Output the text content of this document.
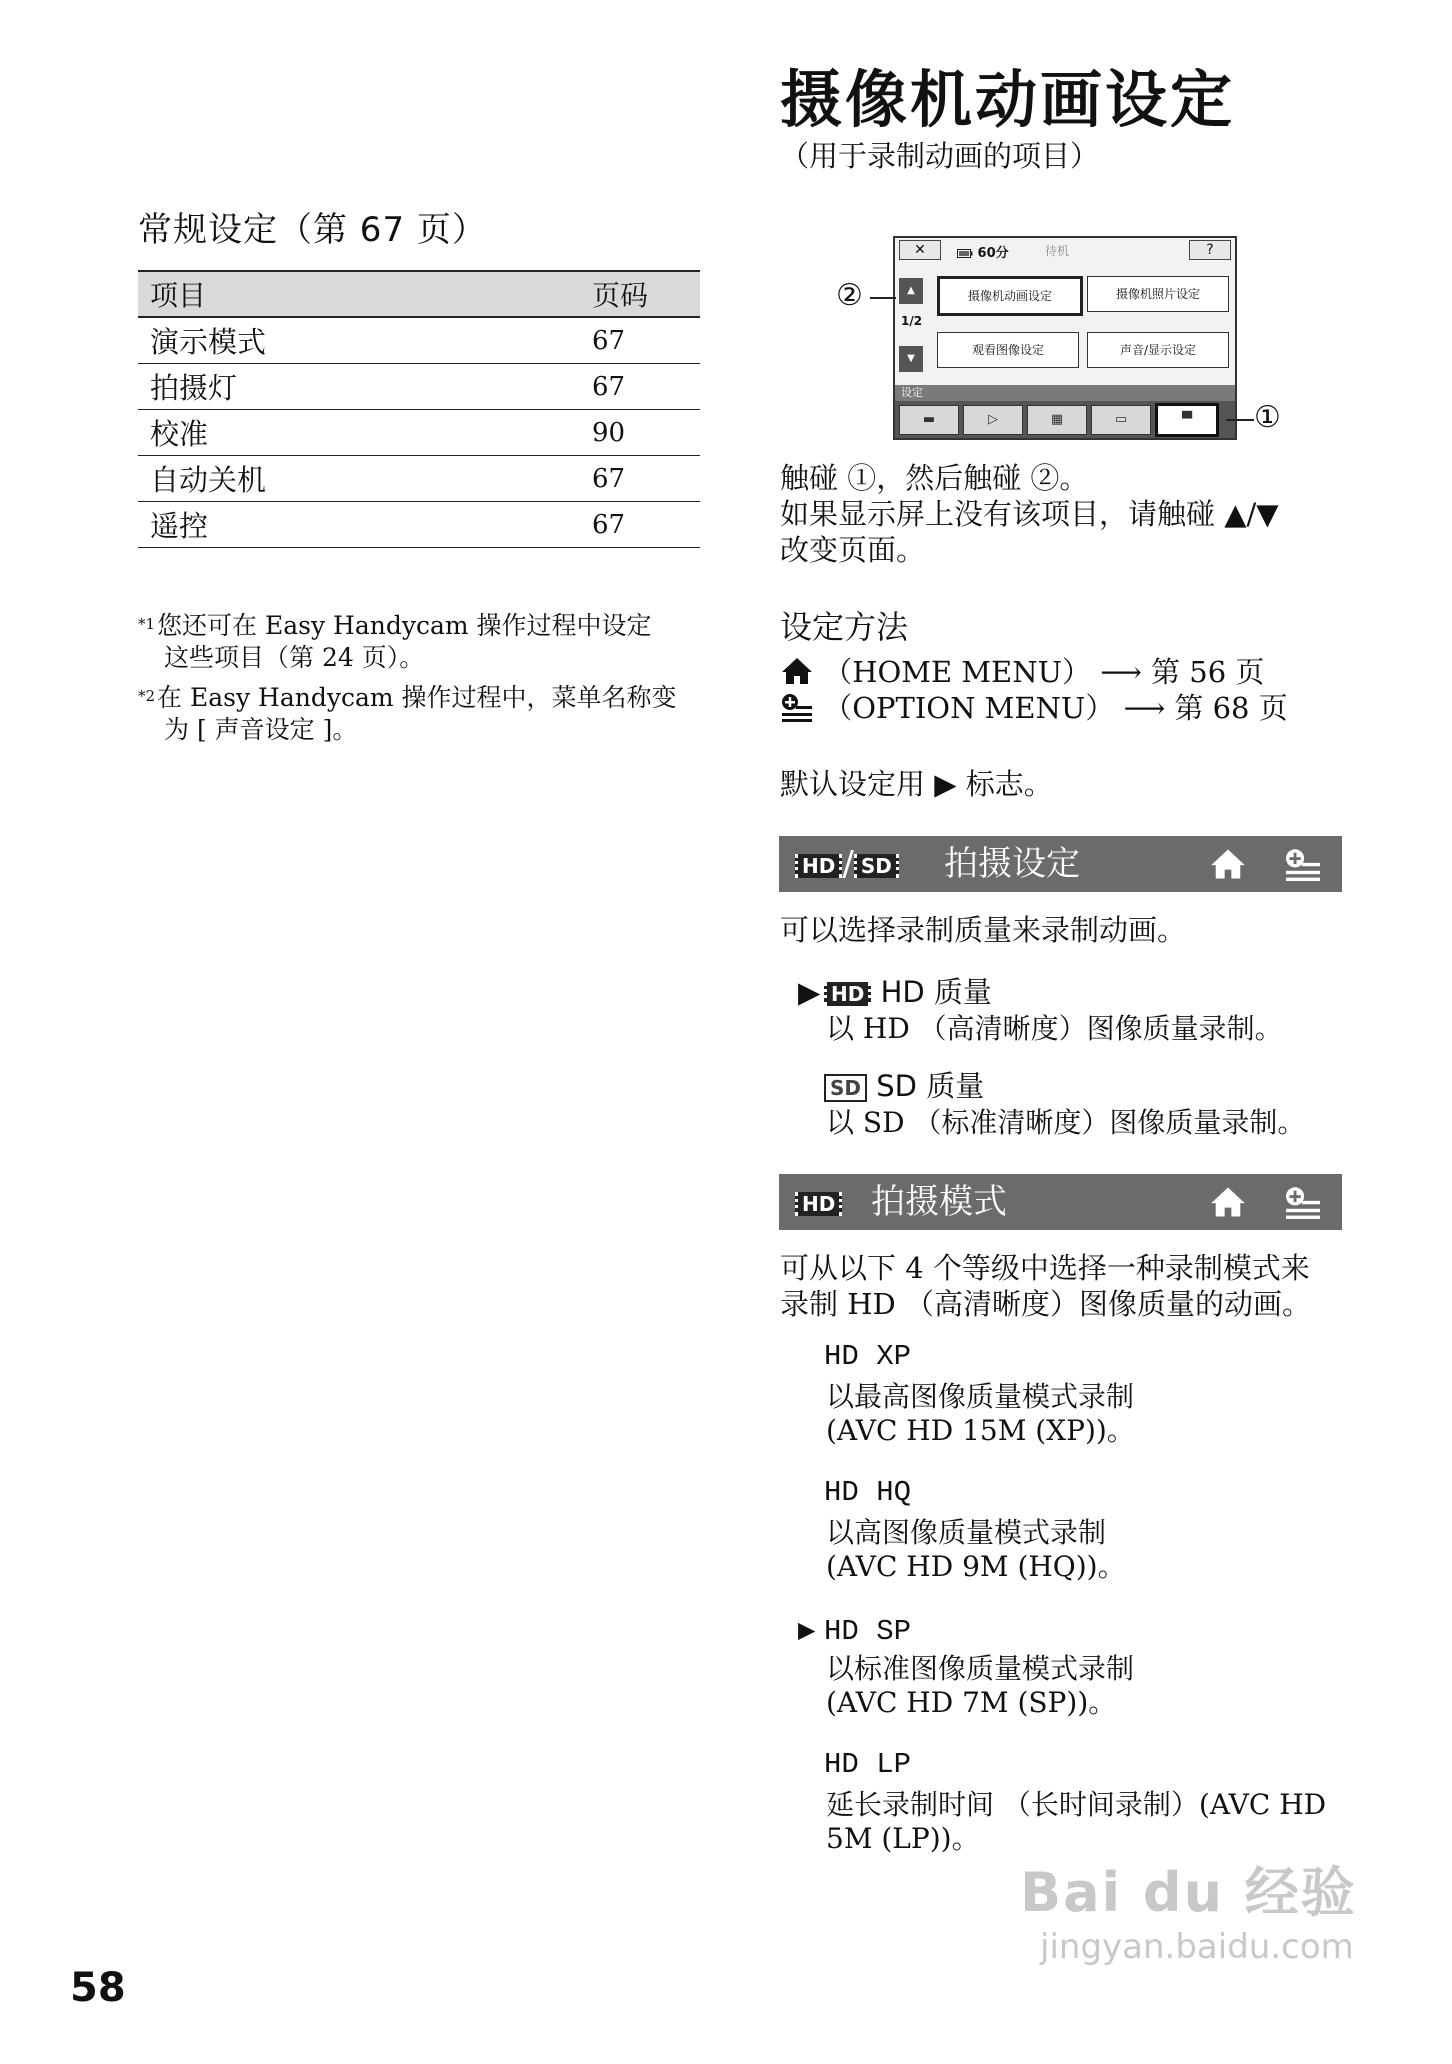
摄像机动画设定
（用于录制动画的项目）
常规设定（第 67 页）
项目	页码
演示模式	67
拍摄灯	67
校准	90
自动关机	67
遥控	67
$^{*1}$您还可在 Easy Handycam 操作过程中设定
这些项目（第 24 页）。
$^{*2}$在 Easy Handycam 操作过程中，菜单名称变
为 [ 声音设定 ]。
✕	60分	待机	?
▲
1/2
▼
摄像机动画设定	摄像机照片设定
观看图像设定	声音/显示设定
设定
▬	▷	▦	▭	▀
②
①
触碰 ①，然后触碰 ②。
如果显示屏上没有该项目，请触碰 ▲/▼
改变页面。
设定方法
（HOME MENU） ⟶ 第 56 页
（OPTION MENU） ⟶ 第 68 页
默认设定用 ▶ 标志。
HD / SD 拍摄设定
可以选择录制质量来录制动画。
▶ HD HD 质量
以 HD （高清晰度）图像质量录制。
SD SD 质量
以 SD （标准清晰度）图像质量录制。
HD 拍摄模式
可从以下 4 个等级中选择一种录制模式来
录制 HD （高清晰度）图像质量的动画。
HD XP
以最高图像质量模式录制
(AVC HD 15M (XP))。
HD HQ
以高图像质量模式录制
(AVC HD 9M (HQ))。
▶ HD SP
以标准图像质量模式录制
(AVC HD 7M (SP))。
HD LP
延长录制时间 （长时间录制）(AVC HD
5M (LP))。
58
Bai du 经验
jingyan.baidu.com
